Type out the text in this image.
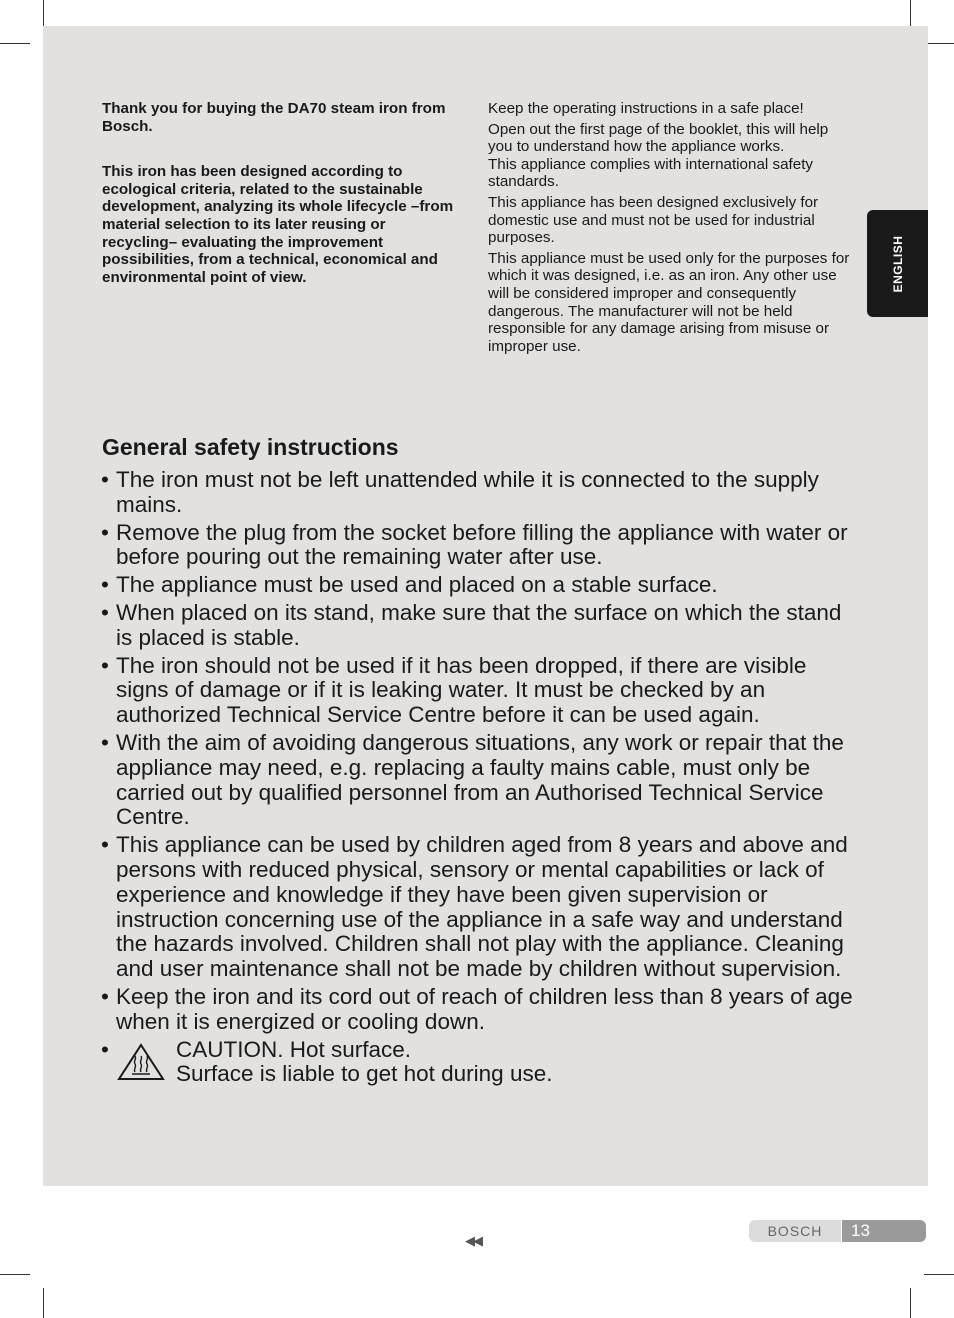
Thank you for buying the DA70 steam iron from Bosch.

This iron has been designed according to ecological criteria, related to the sustainable development, analyzing its whole lifecycle –from material selection to its later reusing or recycling– evaluating the improvement possibilities, from a technical, economical and environmental point of view.

Keep the operating instructions in a safe place!

Open out the first page of the booklet, this will help you to understand how the appliance works.

This appliance complies with international safety standards.

This appliance has been designed exclusively for domestic use and must not be used for industrial purposes.

This appliance must be used only for the purposes for which it was designed, i.e. as an iron. Any other use will be considered improper and consequently dangerous. The manufacturer will not be held responsible for any damage arising from misuse or improper use.

ENGLISH
General safety instructions
• The iron must not be left unattended while it is connected to the supply mains.
• Remove the plug from the socket before filling the appliance with water or before pouring out the remaining water after use.
• The appliance must be used and placed on a stable surface.
• When placed on its stand, make sure that the surface on which the stand is placed is stable.
• The iron should not be used if it has been dropped, if there are visible signs of damage or if it is leaking water. It must be checked by an authorized Technical Service Centre before it can be used again.
• With the aim of avoiding dangerous situations, any work or repair that the appliance may need, e.g. replacing a faulty mains cable, must only be carried out by qualified personnel from an Authorised Technical Service Centre.
• This appliance can be used by children aged from 8 years and above and persons with reduced physical, sensory or mental capabilities or lack of experience and knowledge if they have been given supervision or instruction concerning use of the appliance in a safe way and understand the hazards involved. Children shall not play with the appliance. Cleaning and user maintenance shall not be made by children without supervision.
• Keep the iron and its cord out of reach of children less than 8 years of age when it is energized or cooling down.
•	CAUTION. Hot surface.
Surface is liable to get hot during use.
◀◀
BOSCH	13
